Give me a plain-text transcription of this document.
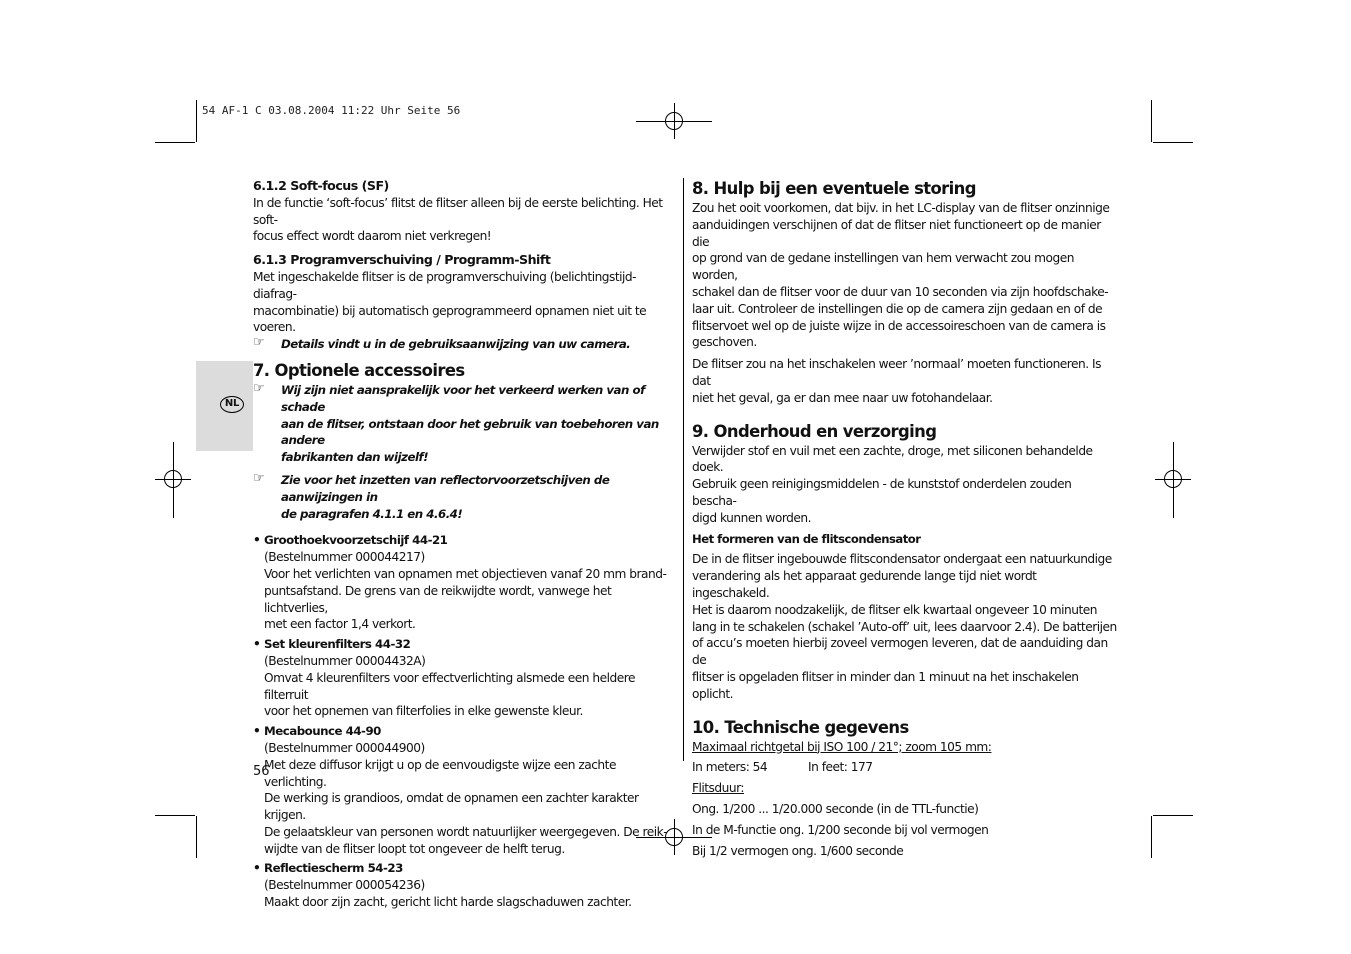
54 AF-1 C 03.08.2004 11:22 Uhr Seite 56
NL

6.1.2 Soft-focus (SF)

In de functie ‘soft-focus’ flitst de flitser alleen bij de eerste belichting. Het soft-

focus effect wordt daarom niet verkregen!

6.1.3 Programverschuiving / Programm-Shift

Met ingeschakelde flitser is de programverschuiving (belichtingstijd-diafrag-

macombinatie) bij automatisch geprogrammeerd opnamen niet uit te voeren.

☞ Details vindt u in de gebruiksaanwijzing van uw camera.

7. Optionele accessoires

☞ Wij zijn niet aansprakelijk voor het verkeerd werken van of schade
aan de flitser, ontstaan door het gebruik van toebehoren van andere
fabrikanten dan wijzelf!
☞ Zie voor het inzetten van reflectorvoorzetschijven de aanwijzingen in
de paragrafen 4.1.1 en 4.6.4!
• Groothoekvoorzetschijf 44-21
(Bestelnummer 000044217)
Voor het verlichten van opnamen met objectieven vanaf 20 mm brand-
puntsafstand. De grens van de reikwijdte wordt, vanwege het lichtverlies,
met een factor 1,4 verkort.
• Set kleurenfilters 44-32
(Bestelnummer 00004432A)
Omvat 4 kleurenfilters voor effectverlichting alsmede een heldere filterruit
voor het opnemen van filterfolies in elke gewenste kleur.
• Mecabounce 44-90
(Bestelnummer 000044900)
Met deze diffusor krijgt u op de eenvoudigste wijze een zachte verlichting.
De werking is grandioos, omdat de opnamen een zachter karakter krijgen.
De gelaatskleur van personen wordt natuurlijker weergegeven. De reik-
wijdte van de flitser loopt tot ongeveer de helft terug.
• Reflectiescherm 54-23
(Bestelnummer 000054236)
Maakt door zijn zacht, gericht licht harde slagschaduwen zachter.

8. Hulp bij een eventuele storing

Zou het ooit voorkomen, dat bijv. in het LC-display van de flitser onzinnige

aanduidingen verschijnen of dat de flitser niet functioneert op de manier die

op grond van de gedane instellingen van hem verwacht zou mogen worden,

schakel dan de flitser voor de duur van 10 seconden via zijn hoofdschake-

laar uit. Controleer de instellingen die op de camera zijn gedaan en of de

flitservoet wel op de juiste wijze in de accessoireschoen van de camera is

geschoven.

De flitser zou na het inschakelen weer ’normaal’ moeten functioneren. Is dat

niet het geval, ga er dan mee naar uw fotohandelaar.

9. Onderhoud en verzorging

Verwijder stof en vuil met een zachte, droge, met siliconen behandelde doek.

Gebruik geen reinigingsmiddelen - de kunststof onderdelen zouden bescha-

digd kunnen worden.

Het formeren van de flitscondensator

De in de flitser ingebouwde flitscondensator ondergaat een natuurkundige

verandering als het apparaat gedurende lange tijd niet wordt ingeschakeld.

Het is daarom noodzakelijk, de flitser elk kwartaal ongeveer 10 minuten

lang in te schakelen (schakel ’Auto-off’ uit, lees daarvoor 2.4). De batterijen

of accu’s moeten hierbij zoveel vermogen leveren, dat de aanduiding dan de

flitser is opgeladen flitser in minder dan 1 minuut na het inschakelen oplicht.

10. Technische gegevens

Maximaal richtgetal bij ISO 100 / 21°; zoom 105 mm:

In meters: 54	In feet: 177

Flitsduur:

Ong. 1/200 ... 1/20.000 seconde (in de TTL-functie)

In de M-functie ong. 1/200 seconde bij vol vermogen

Bij 1/2 vermogen ong. 1/600 seconde

56
